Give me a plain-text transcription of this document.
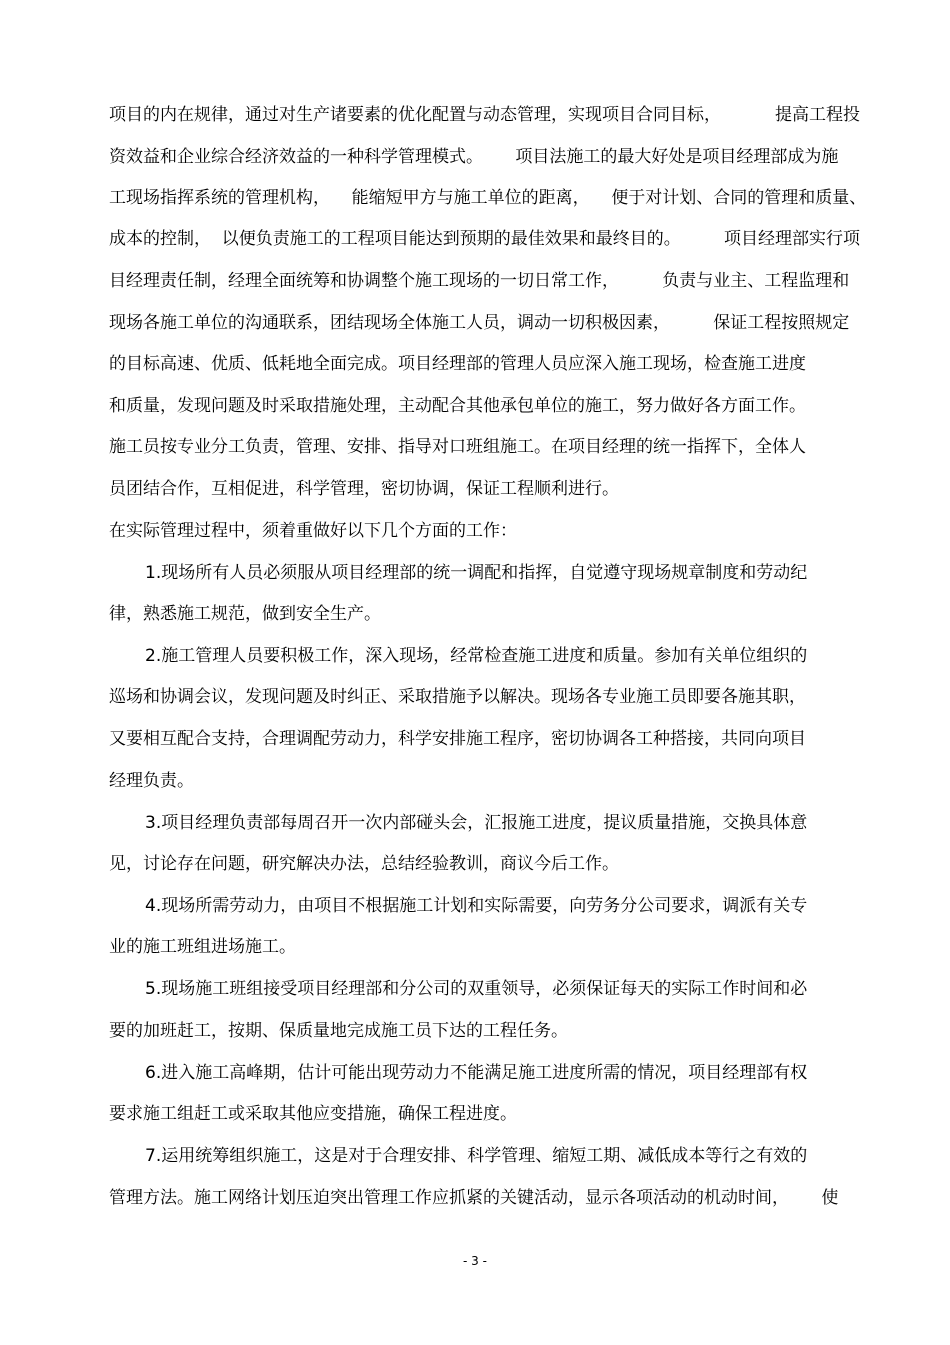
项目的内在规律，通过对生产诸要素的优化配置与动态管理，实现项目合同目标，          提高工程投
资效益和企业综合经济效益的一种科学管理模式。      项目法施工的最大好处是项目经理部成为施
工现场指挥系统的管理机构，    能缩短甲方与施工单位的距离，    便于对计划、合同的管理和质量、
成本的控制，  以便负责施工的工程项目能达到预期的最佳效果和最终目的。        项目经理部实行项
目经理责任制，经理全面统筹和协调整个施工现场的一切日常工作，        负责与业主、工程监理和
现场各施工单位的沟通联系，团结现场全体施工人员，调动一切积极因素，        保证工程按照规定
的目标高速、优质、低耗地全面完成。项目经理部的管理人员应深入施工现场，检查施工进度
和质量，发现问题及时采取措施处理，主动配合其他承包单位的施工，努力做好各方面工作。
施工员按专业分工负责，管理、安排、指导对口班组施工。在项目经理的统一指挥下，全体人
员团结合作，互相促进，科学管理，密切协调，保证工程顺利进行。
在实际管理过程中，须着重做好以下几个方面的工作：
1.现场所有人员必须服从项目经理部的统一调配和指挥，自觉遵守现场规章制度和劳动纪
律，熟悉施工规范，做到安全生产。
2.施工管理人员要积极工作，深入现场，经常检查施工进度和质量。参加有关单位组织的
巡场和协调会议，发现问题及时纠正、采取措施予以解决。现场各专业施工员即要各施其职，
又要相互配合支持，合理调配劳动力，科学安排施工程序，密切协调各工种搭接，共同向项目
经理负责。
3.项目经理负责部每周召开一次内部碰头会，汇报施工进度，提议质量措施，交换具体意
见，讨论存在问题，研究解决办法，总结经验教训，商议今后工作。
4.现场所需劳动力，由项目不根据施工计划和实际需要，向劳务分公司要求，调派有关专
业的施工班组进场施工。
5.现场施工班组接受项目经理部和分公司的双重领导，必须保证每天的实际工作时间和必
要的加班赶工，按期、保质量地完成施工员下达的工程任务。
6.进入施工高峰期，估计可能出现劳动力不能满足施工进度所需的情况，项目经理部有权
要求施工组赶工或采取其他应变措施，确保工程进度。
7.运用统筹组织施工，这是对于合理安排、科学管理、缩短工期、减低成本等行之有效的
管理方法。施工网络计划压迫突出管理工作应抓紧的关键活动，显示各项活动的机动时间，      使
- 3 -
